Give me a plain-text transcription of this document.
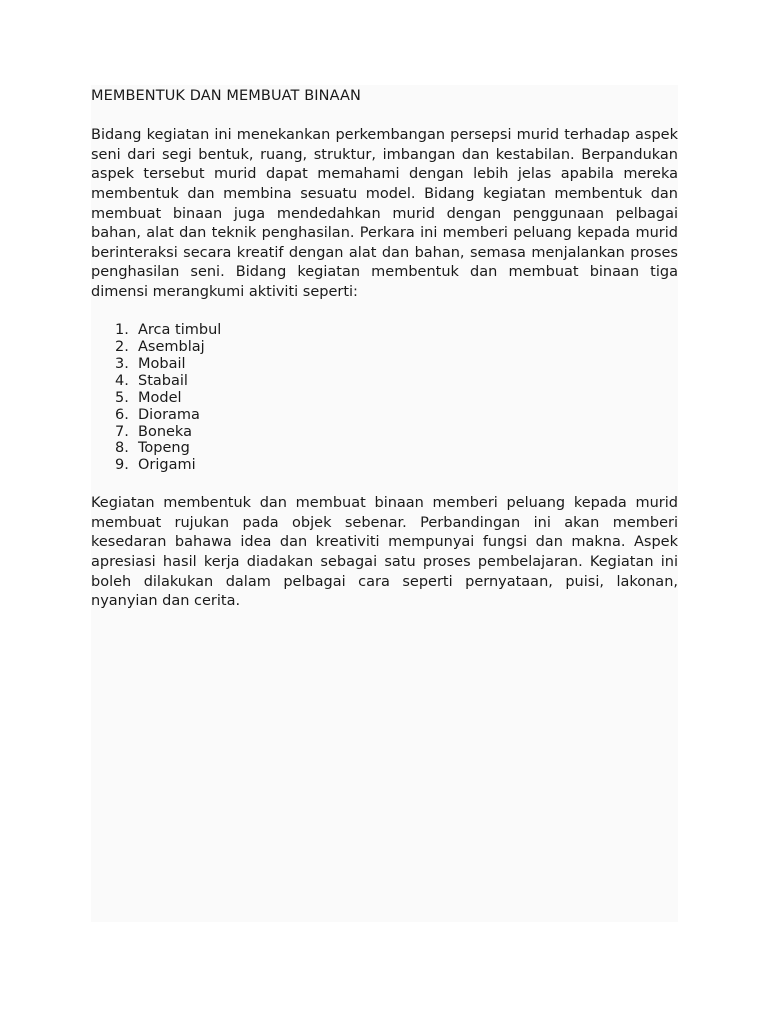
MEMBENTUK DAN MEMBUAT BINAAN

Bidang kegiatan ini menekankan perkembangan persepsi murid terhadap aspek seni dari segi bentuk, ruang, struktur, imbangan dan kestabilan. Berpandukan aspek tersebut murid dapat memahami dengan lebih jelas apabila mereka membentuk dan membina sesuatu model. Bidang kegiatan membentuk dan membuat binaan juga mendedahkan murid dengan penggunaan pelbagai bahan, alat dan teknik penghasilan. Perkara ini memberi peluang kepada murid berinteraksi secara kreatif dengan alat dan bahan, semasa menjalankan proses penghasilan seni. Bidang kegiatan membentuk dan membuat binaan tiga dimensi merangkumi aktiviti seperti:

1. Arca timbul
2. Asemblaj
3. Mobail
4. Stabail
5. Model
6. Diorama
7. Boneka
8. Topeng
9. Origami

Kegiatan membentuk dan membuat binaan memberi peluang kepada murid membuat rujukan pada objek sebenar. Perbandingan ini akan memberi kesedaran bahawa idea dan kreativiti mempunyai fungsi dan makna. Aspek apresiasi hasil kerja diadakan sebagai satu proses pembelajaran. Kegiatan ini boleh dilakukan dalam pelbagai cara seperti pernyataan, puisi, lakonan, nyanyian dan cerita.
